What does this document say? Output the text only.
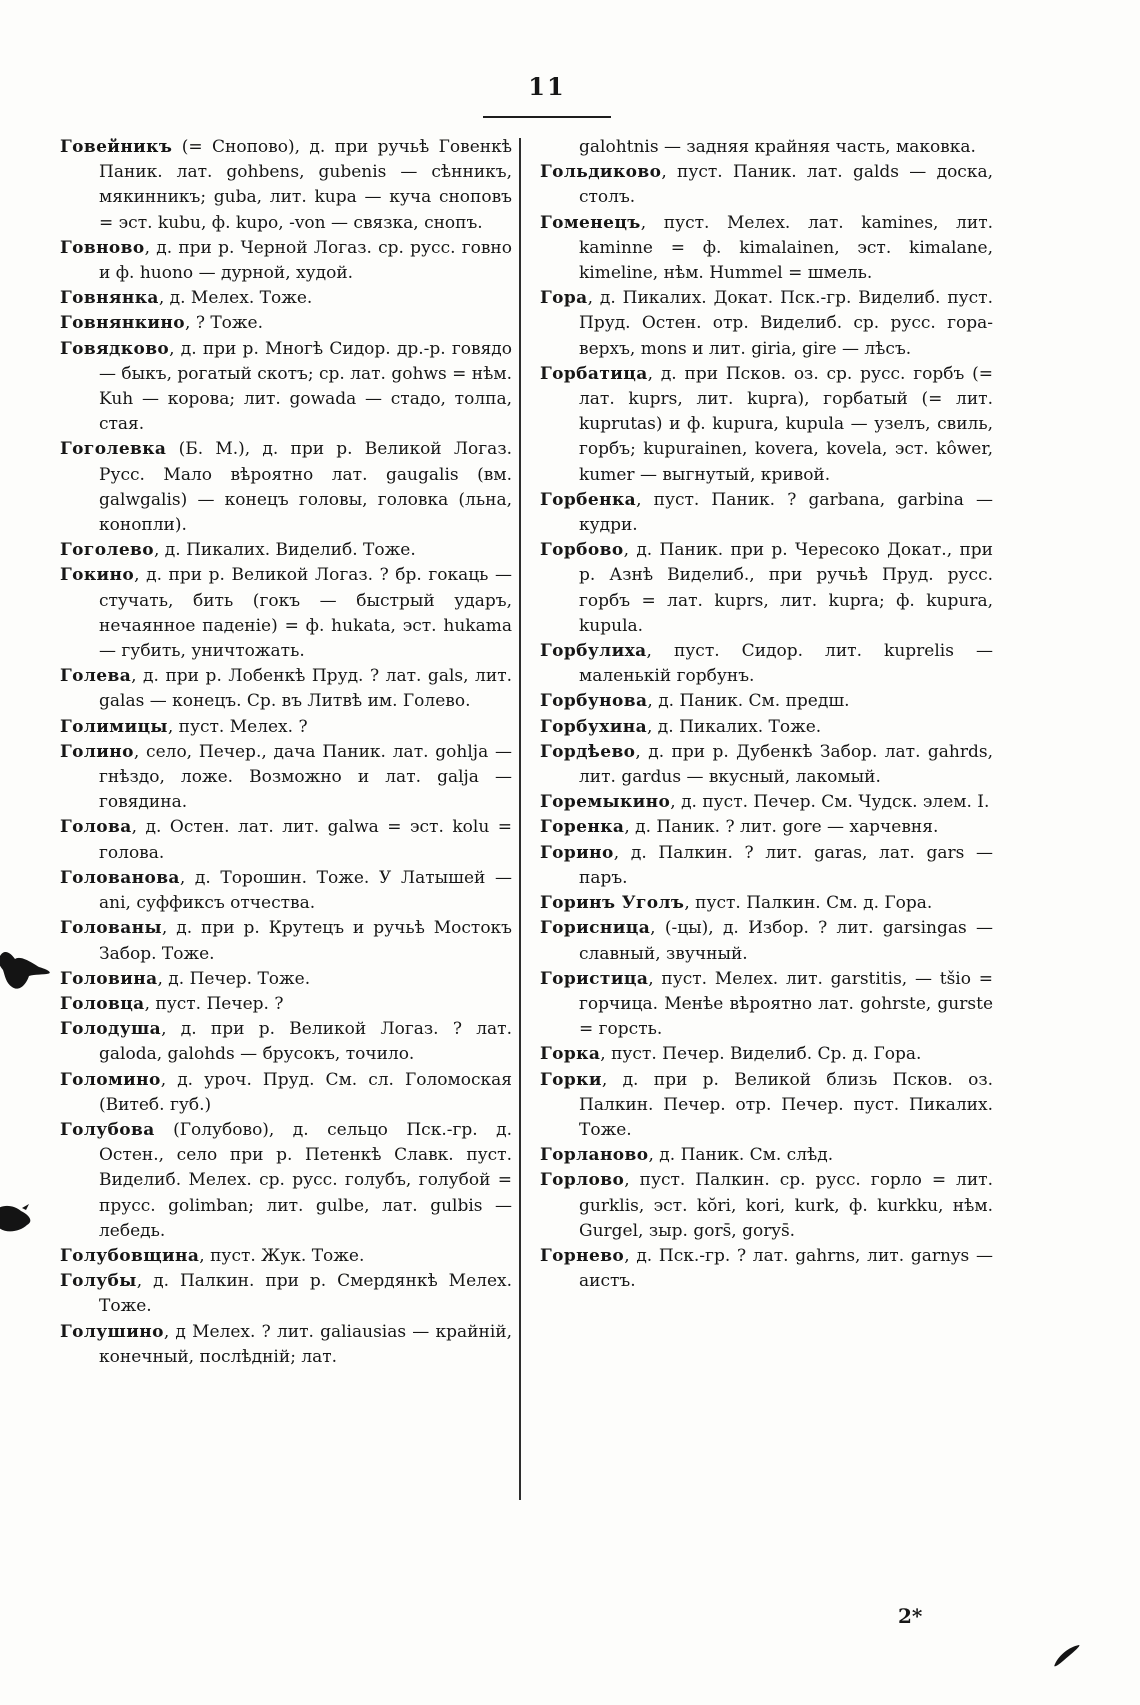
11

Говейникъ (= Снопово), д. при ручьѣ Говенкѣ Паник. лат. gohbens, gubenis — сѣнникъ, мякинникъ; guba, лит. kupa — куча сноповъ = эст. kubu, ф. kupo, -von — связка, снопъ.

Говново, д. при р. Черной Логаз. ср. русс. говно и ф. huono — дурной, худой.

Говнянка, д. Мелех. Тоже.

Говнянкино, ? Тоже.

Говядково, д. при р. Многѣ Сидор. др.-р. говядо — быкъ, рогатый скотъ; ср. лат. gohws = нѣм. Kuh — корова; лит. gowada — стадо, толпа, стая.

Гоголевка (Б. М.), д. при р. Великой Логаз. Русс. Мало вѣроятно лат. gaugalis (вм. galwgalis) — конецъ головы, головка (льна, конопли).

Гоголево, д. Пикалих. Виделиб. Тоже.

Гокино, д. при р. Великой Логаз. ? бр. гокаць — стучать, бить (гокъ — быстрый ударъ, нечаянное паденіе) = ф. hukata, эст. hukama — губить, уничтожать.

Голева, д. при р. Лобенкѣ Пруд. ? лат. gals, лит. galas — конецъ. Ср. въ Литвѣ им. Голево.

Голимицы, пуст. Мелех. ?

Голино, село, Печер., дача Паник. лат. gohlja — гнѣздо, ложе. Возможно и лат. galja — говядина.

Голова, д. Остен. лат. лит. galwa = эст. kolu = голова.

Голованова, д. Торошин. Тоже. У Латышей — ani, суффиксъ отчества.

Голованы, д. при р. Крутецъ и ручьѣ Мостокъ Забор. Тоже.

Головина, д. Печер. Тоже.

Головца, пуст. Печер. ?

Голодуша, д. при р. Великой Логаз. ? лат. galoda, galohds — брусокъ, точило.

Голомино, д. уроч. Пруд. См. сл. Голомоская (Витеб. губ.)

Голубова (Голубово), д. сельцо Пск.-гр. д. Остен., село при р. Петенкѣ Славк. пуст. Виделиб. Мелех. ср. русс. голубъ, голубой = прусс. golimban; лит. gulbe, лат. gulbis — лебедь.

Голубовщина, пуст. Жук. Тоже.

Голубы, д. Палкин. при р. Смердянкѣ Мелех. Тоже.

Голушино, д Мелех. ? лит. galiausias — крайній, конечный, послѣдній; лат.

galohtnis — задняя крайняя часть, маковка.

Гольдиково, пуст. Паник. лат. galds — доска, столъ.

Гоменецъ, пуст. Мелех. лат. kamines, лит. kaminne = ф. kimalainen, эст. kimalane, kimeline, нѣм. Hummel = шмель.

Гора, д. Пикалих. Докат. Пск.-гр. Виделиб. пуст. Пруд. Остен. отр. Виделиб. ср. русс. гора-верхъ, mons и лит. giria, gire — лѣсъ.

Горбатица, д. при Псков. оз. ср. русс. горбъ (= лат. kuprs, лит. kupra), горбатый (= лит. kuprutas) и ф. kupura, kupula — узелъ, свиль, горбъ; kupurainen, kovera, kovela, эст. kôwer, kumer — выгнутый, кривой.

Горбенка, пуст. Паник. ? garbana, garbina — кудри.

Горбово, д. Паник. при р. Чересоко Докат., при р. Азнѣ Виделиб., при ручьѣ Пруд. русс. горбъ = лат. kuprs, лит. kupra; ф. kupura, kupula.

Горбулиха, пуст. Сидор. лит. kuprelis — маленькій горбунъ.

Горбунова, д. Паник. См. предш.

Горбухина, д. Пикалих. Тоже.

Гордѣево, д. при р. Дубенкѣ Забор. лат. gahrds, лит. gardus — вкусный, лакомый.

Горемыкино, д. пуст. Печер. См. Чудск. элем. I.

Горенка, д. Паник. ? лит. gore — харчевня.

Горино, д. Палкин. ? лит. garas, лат. gars — паръ.

Горинъ Уголъ, пуст. Палкин. См. д. Гора.

Горисница, (-цы), д. Избор. ? лит. garsingas — славный, звучный.

Гористица, пуст. Мелех. лит. garstitis, — tšio = горчица. Менѣе вѣроятно лат. gohrste, gurste = горсть.

Горка, пуст. Печер. Виделиб. Ср. д. Гора.

Горки, д. при р. Великой близь Псков. оз. Палкин. Печер. отр. Печер. пуст. Пикалих. Тоже.

Горланово, д. Паник. См. слѣд.

Горлово, пуст. Палкин. ср. русс. горло = лит. gurklis, эст. kŏri, kori, kurk, ф. kurkku, нѣм. Gurgel, зыр. gors̄, gorys̄.

Горнево, д. Пск.-гр. ? лат. gahrns, лит. garnys — аистъ.

2*
